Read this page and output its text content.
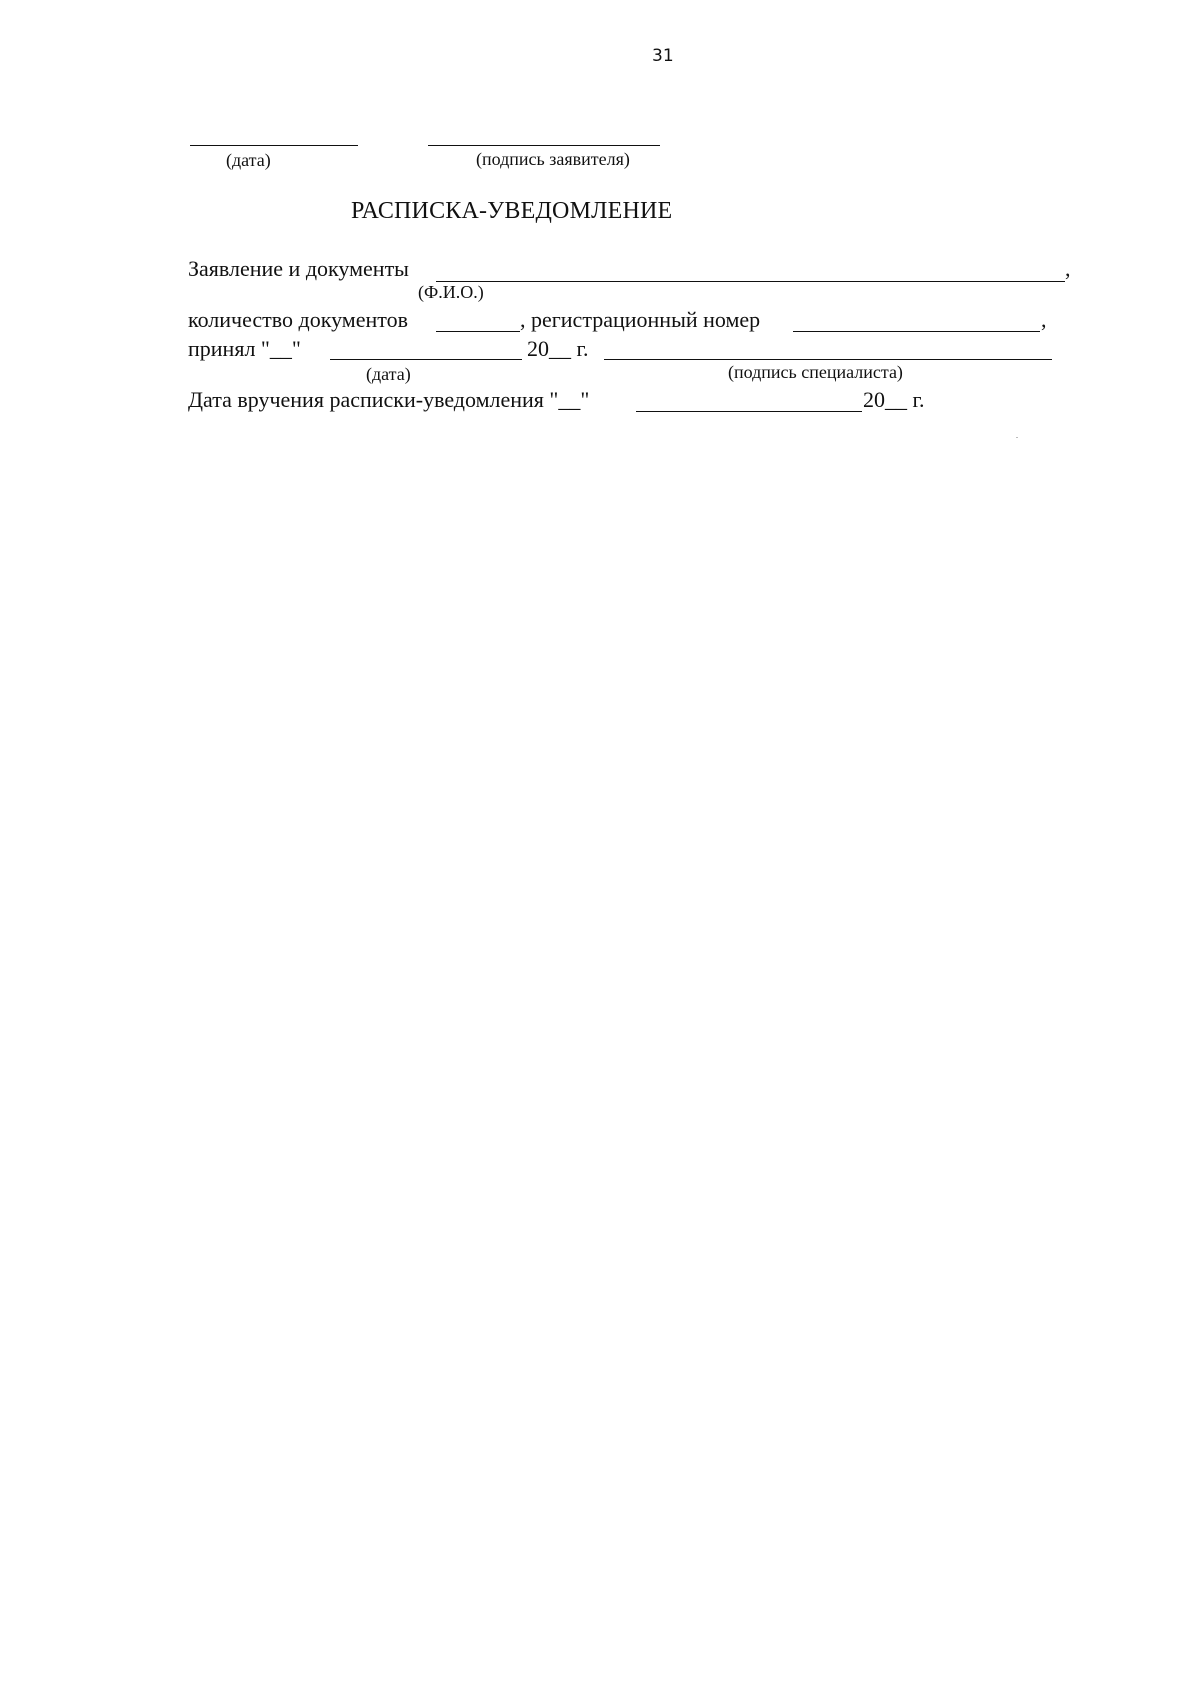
31
(дата)	(подпись заявителя)
РАСПИСКА-УВЕДОМЛЕНИЕ
Заявление и документы	,
(Ф.И.О.)
количество документов	, регистрационный номер	,
принял "__"	20__ г.
(дата)	(подпись специалиста)
Дата вручения расписки-уведомления "__"	20__ г.
